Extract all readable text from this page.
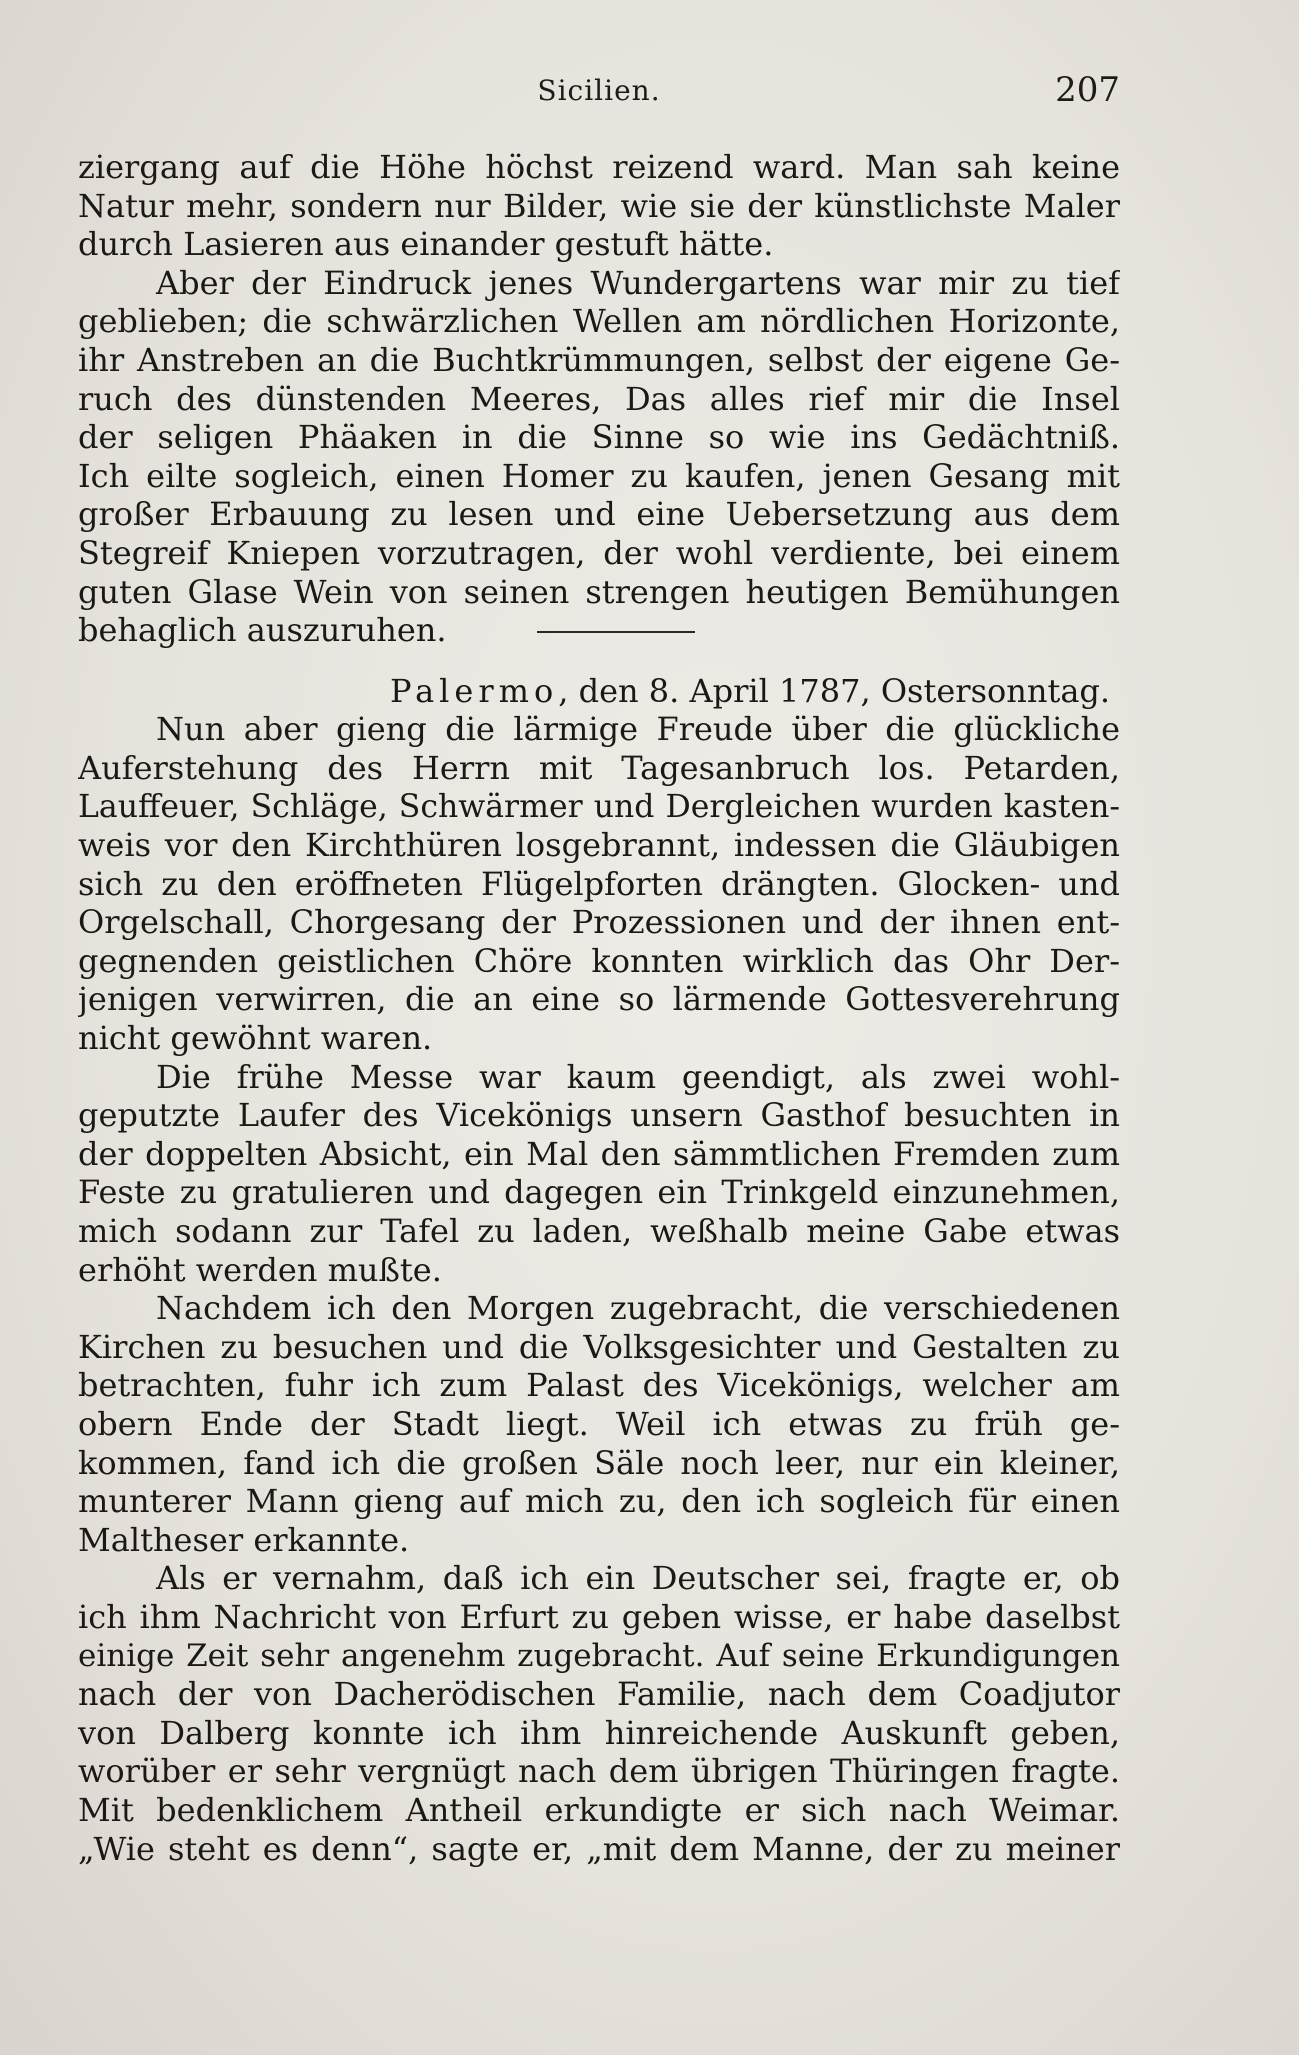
Sicilien.	207
ziergang auf die Höhe höchst reizend ward. Man sah keine
Natur mehr, sondern nur Bilder, wie sie der künstlichste Maler
durch Lasieren aus einander gestuft hätte.
Aber der Eindruck jenes Wundergartens war mir zu tief
geblieben; die schwärzlichen Wellen am nördlichen Horizonte,
ihr Anstreben an die Buchtkrümmungen, selbst der eigene Ge-
ruch des dünstenden Meeres, Das alles rief mir die Insel
der seligen Phäaken in die Sinne so wie ins Gedächtniß.
Ich eilte sogleich, einen Homer zu kaufen, jenen Gesang mit
großer Erbauung zu lesen und eine Uebersetzung aus dem
Stegreif Kniepen vorzutragen, der wohl verdiente, bei einem
guten Glase Wein von seinen strengen heutigen Bemühungen
behaglich auszuruhen.
Palermo, den 8. April 1787, Ostersonntag.
Nun aber gieng die lärmige Freude über die glückliche
Auferstehung des Herrn mit Tagesanbruch los. Petarden,
Lauffeuer, Schläge, Schwärmer und Dergleichen wurden kasten-
weis vor den Kirchthüren losgebrannt, indessen die Gläubigen
sich zu den eröffneten Flügelpforten drängten. Glocken- und
Orgelschall, Chorgesang der Prozessionen und der ihnen ent-
gegnenden geistlichen Chöre konnten wirklich das Ohr Der-
jenigen verwirren, die an eine so lärmende Gottesverehrung
nicht gewöhnt waren.
Die frühe Messe war kaum geendigt, als zwei wohl-
geputzte Laufer des Vicekönigs unsern Gasthof besuchten in
der doppelten Absicht, ein Mal den sämmtlichen Fremden zum
Feste zu gratulieren und dagegen ein Trinkgeld einzunehmen,
mich sodann zur Tafel zu laden, weßhalb meine Gabe etwas
erhöht werden mußte.
Nachdem ich den Morgen zugebracht, die verschiedenen
Kirchen zu besuchen und die Volksgesichter und Gestalten zu
betrachten, fuhr ich zum Palast des Vicekönigs, welcher am
obern Ende der Stadt liegt. Weil ich etwas zu früh ge-
kommen, fand ich die großen Säle noch leer, nur ein kleiner,
munterer Mann gieng auf mich zu, den ich sogleich für einen
Maltheser erkannte.
Als er vernahm, daß ich ein Deutscher sei, fragte er, ob
ich ihm Nachricht von Erfurt zu geben wisse, er habe daselbst
einige Zeit sehr angenehm zugebracht. Auf seine Erkundigungen
nach der von Dacherödischen Familie, nach dem Coadjutor
von Dalberg konnte ich ihm hinreichende Auskunft geben,
worüber er sehr vergnügt nach dem übrigen Thüringen fragte.
Mit bedenklichem Antheil erkundigte er sich nach Weimar.
„Wie steht es denn“, sagte er, „mit dem Manne, der zu meiner
